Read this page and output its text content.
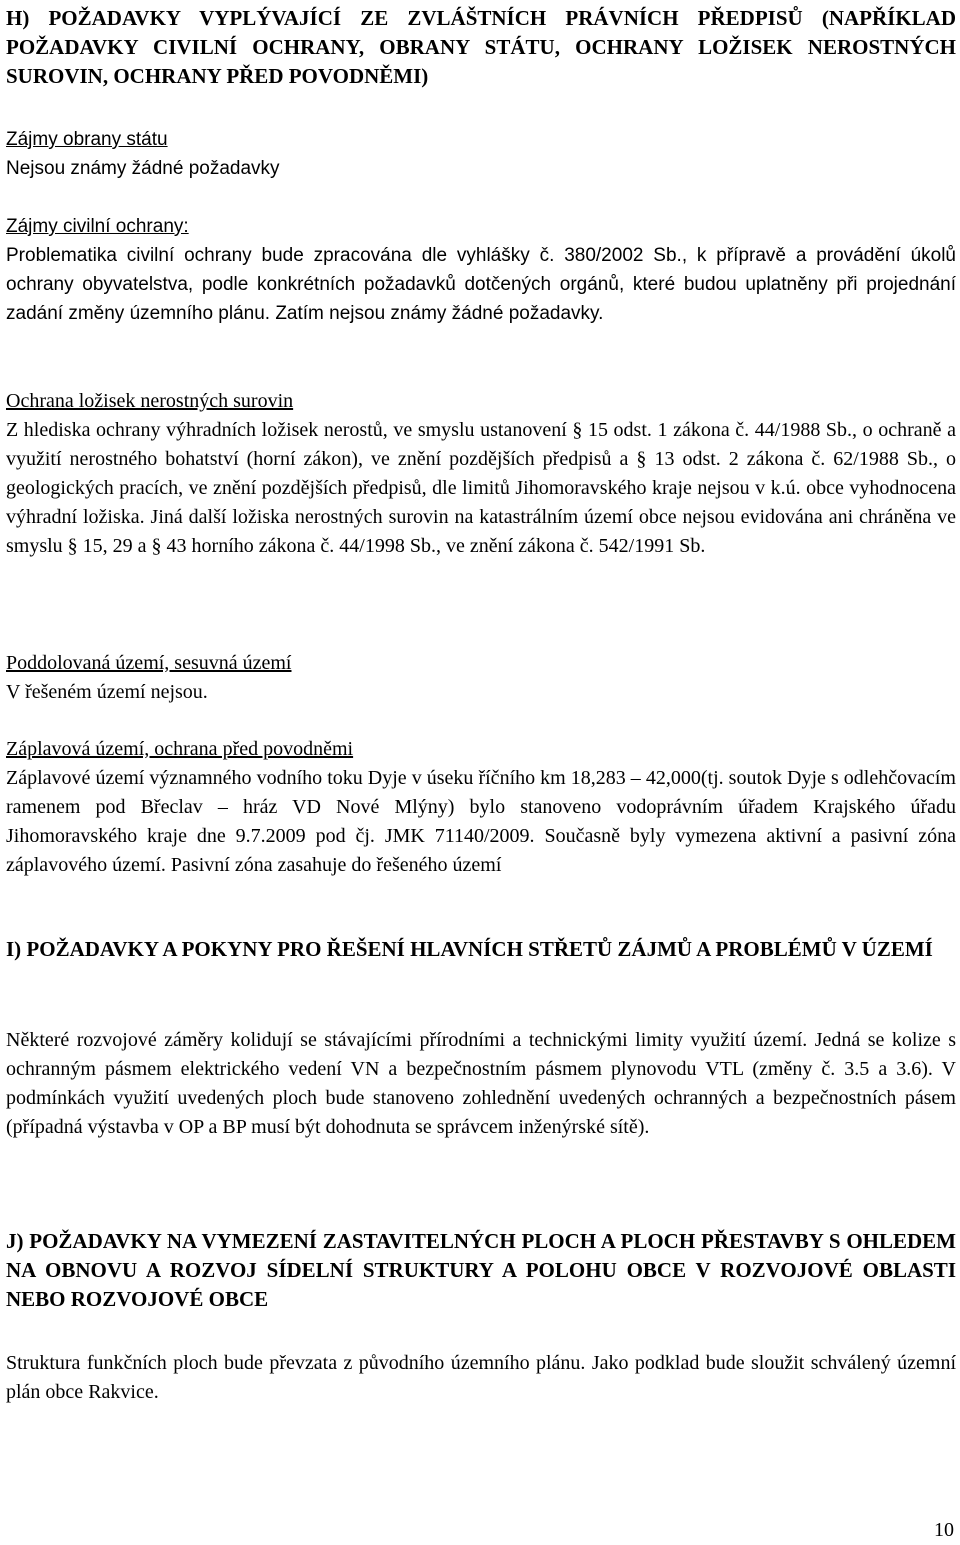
H) POŽADAVKY VYPLÝVAJÍCÍ ZE ZVLÁŠTNÍCH PRÁVNÍCH PŘEDPISŮ (NAPŘÍKLAD POŽADAVKY CIVILNÍ OCHRANY, OBRANY STÁTU, OCHRANY LOŽISEK NEROSTNÝCH SUROVIN, OCHRANY PŘED POVODNĚMI)

Zájmy obrany státu

Nejsou známy žádné požadavky

Zájmy civilní ochrany:

Problematika civilní ochrany bude zpracována dle vyhlášky č. 380/2002 Sb., k přípravě a provádění úkolů ochrany obyvatelstva, podle konkrétních požadavků dotčených orgánů, které budou uplatněny při projednání zadání změny územního plánu. Zatím nejsou známy žádné požadavky.

Ochrana ložisek nerostných surovin

Z hlediska ochrany výhradních ložisek nerostů, ve smyslu ustanovení § 15 odst. 1 zákona č. 44/1988 Sb., o ochraně a využití nerostného bohatství (horní zákon), ve znění pozdějších předpisů a § 13 odst. 2 zákona č. 62/1988 Sb., o geologických pracích, ve znění pozdějších předpisů, dle limitů Jihomoravského kraje nejsou v k.ú. obce vyhodnocena výhradní ložiska. Jiná další ložiska nerostných surovin na katastrálním území obce nejsou evidována ani chráněna ve smyslu § 15, 29 a § 43 horního zákona č. 44/1998 Sb., ve znění zákona č. 542/1991 Sb.

Poddolovaná území, sesuvná území

V řešeném území nejsou.

Záplavová území, ochrana před povodněmi

Záplavové území významného vodního toku Dyje v úseku říčního km 18,283 – 42,000(tj. soutok Dyje s odlehčovacím ramenem pod Břeclav – hráz VD Nové Mlýny) bylo stanoveno vodoprávním úřadem Krajského úřadu Jihomoravského kraje dne 9.7.2009 pod čj. JMK 71140/2009. Současně byly vymezena aktivní a pasivní zóna záplavového území. Pasivní zóna zasahuje do řešeného území

I) POŽADAVKY A POKYNY PRO ŘEŠENÍ HLAVNÍCH STŘETŮ ZÁJMŮ A PROBLÉMŮ V ÚZEMÍ

Některé rozvojové záměry kolidují se stávajícími přírodními a technickými limity využití území. Jedná se kolize s ochranným pásmem elektrického vedení VN a bezpečnostním pásmem plynovodu VTL (změny č. 3.5 a 3.6). V podmínkách využití uvedených ploch bude stanoveno zohlednění uvedených ochranných a bezpečnostních pásem (případná výstavba v OP a BP musí být dohodnuta se správcem inženýrské sítě).

J) POŽADAVKY NA VYMEZENÍ ZASTAVITELNÝCH PLOCH A PLOCH PŘESTAVBY S OHLEDEM NA OBNOVU A ROZVOJ SÍDELNÍ STRUKTURY A POLOHU OBCE V ROZVOJOVÉ OBLASTI NEBO ROZVOJOVÉ OBCE

Struktura funkčních ploch bude převzata z původního územního plánu. Jako podklad bude sloužit schválený územní plán obce Rakvice.

10
